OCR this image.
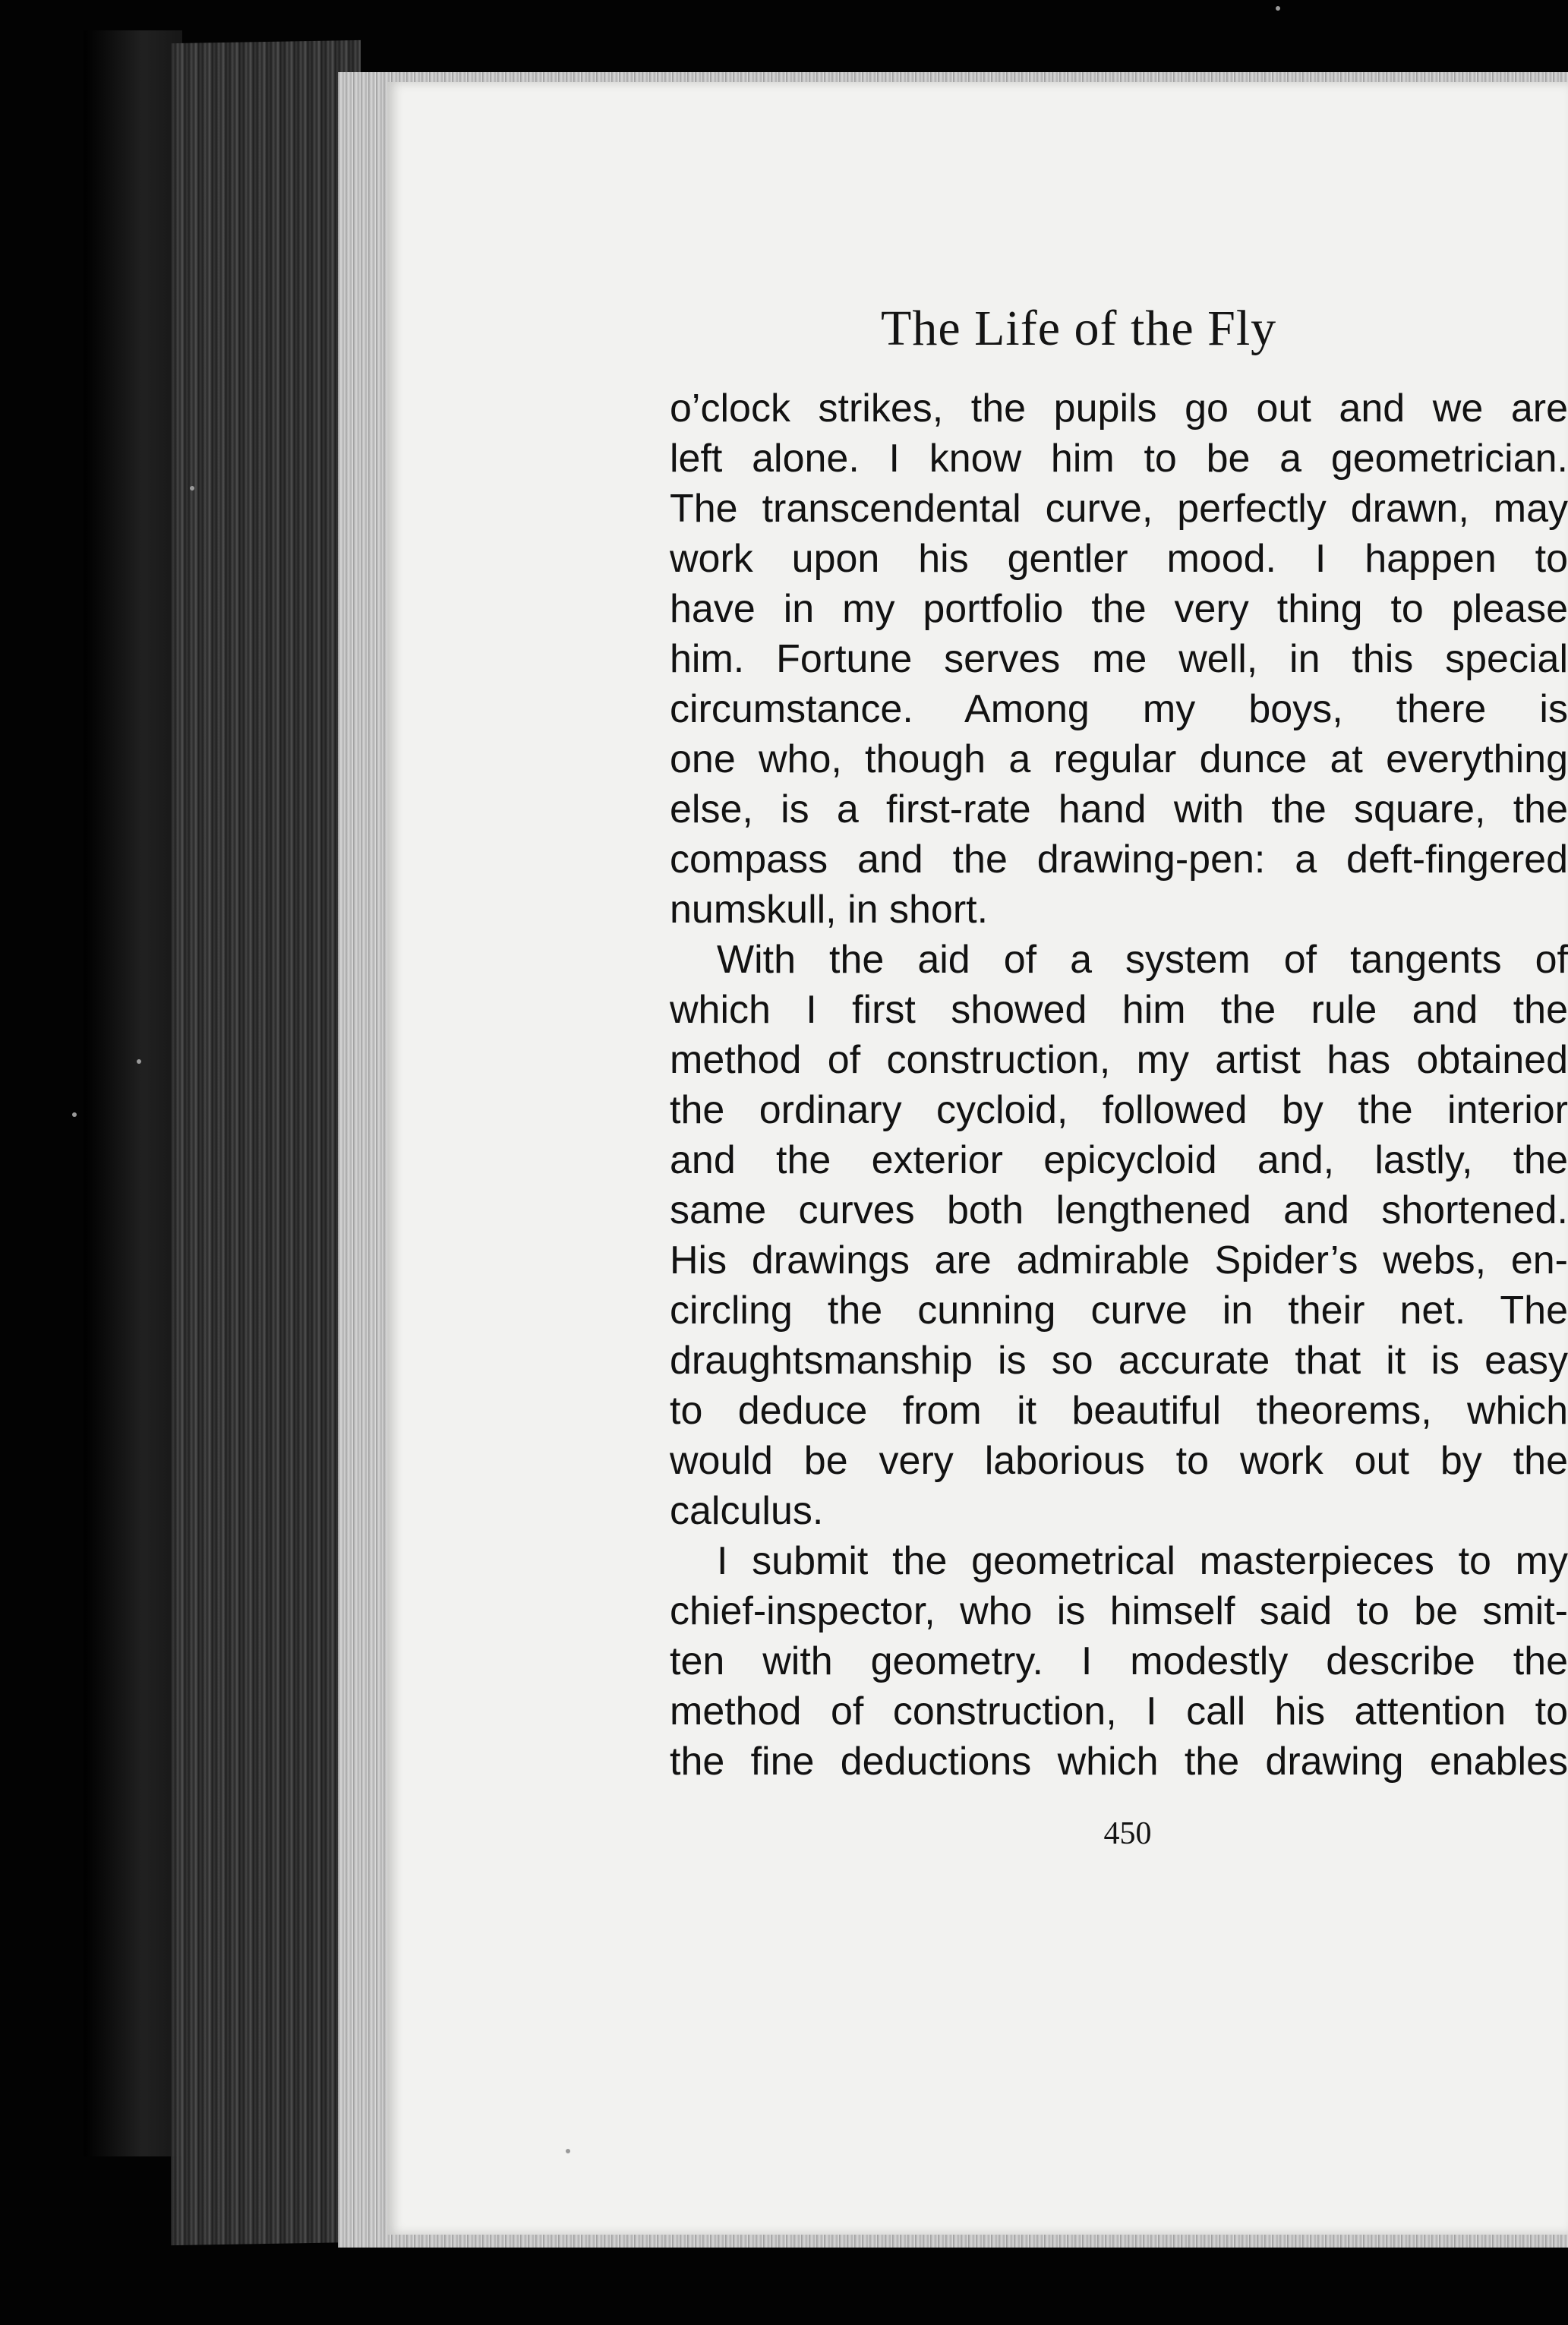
The Life of the Fly
o’clock strikes, the pupils go out and we are
left alone. I know him to be a geometrician.
The transcendental curve, perfectly drawn, may
work upon his gentler mood. I happen to
have in my portfolio the very thing to please
him. Fortune serves me well, in this special
circumstance. Among my boys, there is
one who, though a regular dunce at everything
else, is a first-rate hand with the square, the
compass and the drawing-pen: a deft-fingered
numskull, in short.
With the aid of a system of tangents of
which I first showed him the rule and the
method of construction, my artist has obtained
the ordinary cycloid, followed by the interior
and the exterior epicycloid and, lastly, the
same curves both lengthened and shortened.
His drawings are admirable Spider’s webs, en-
circling the cunning curve in their net. The
draughtsmanship is so accurate that it is easy
to deduce from it beautiful theorems, which
would be very laborious to work out by the
calculus.
I submit the geometrical masterpieces to my
chief-inspector, who is himself said to be smit-
ten with geometry. I modestly describe the
method of construction, I call his attention to
the fine deductions which the drawing enables
450
